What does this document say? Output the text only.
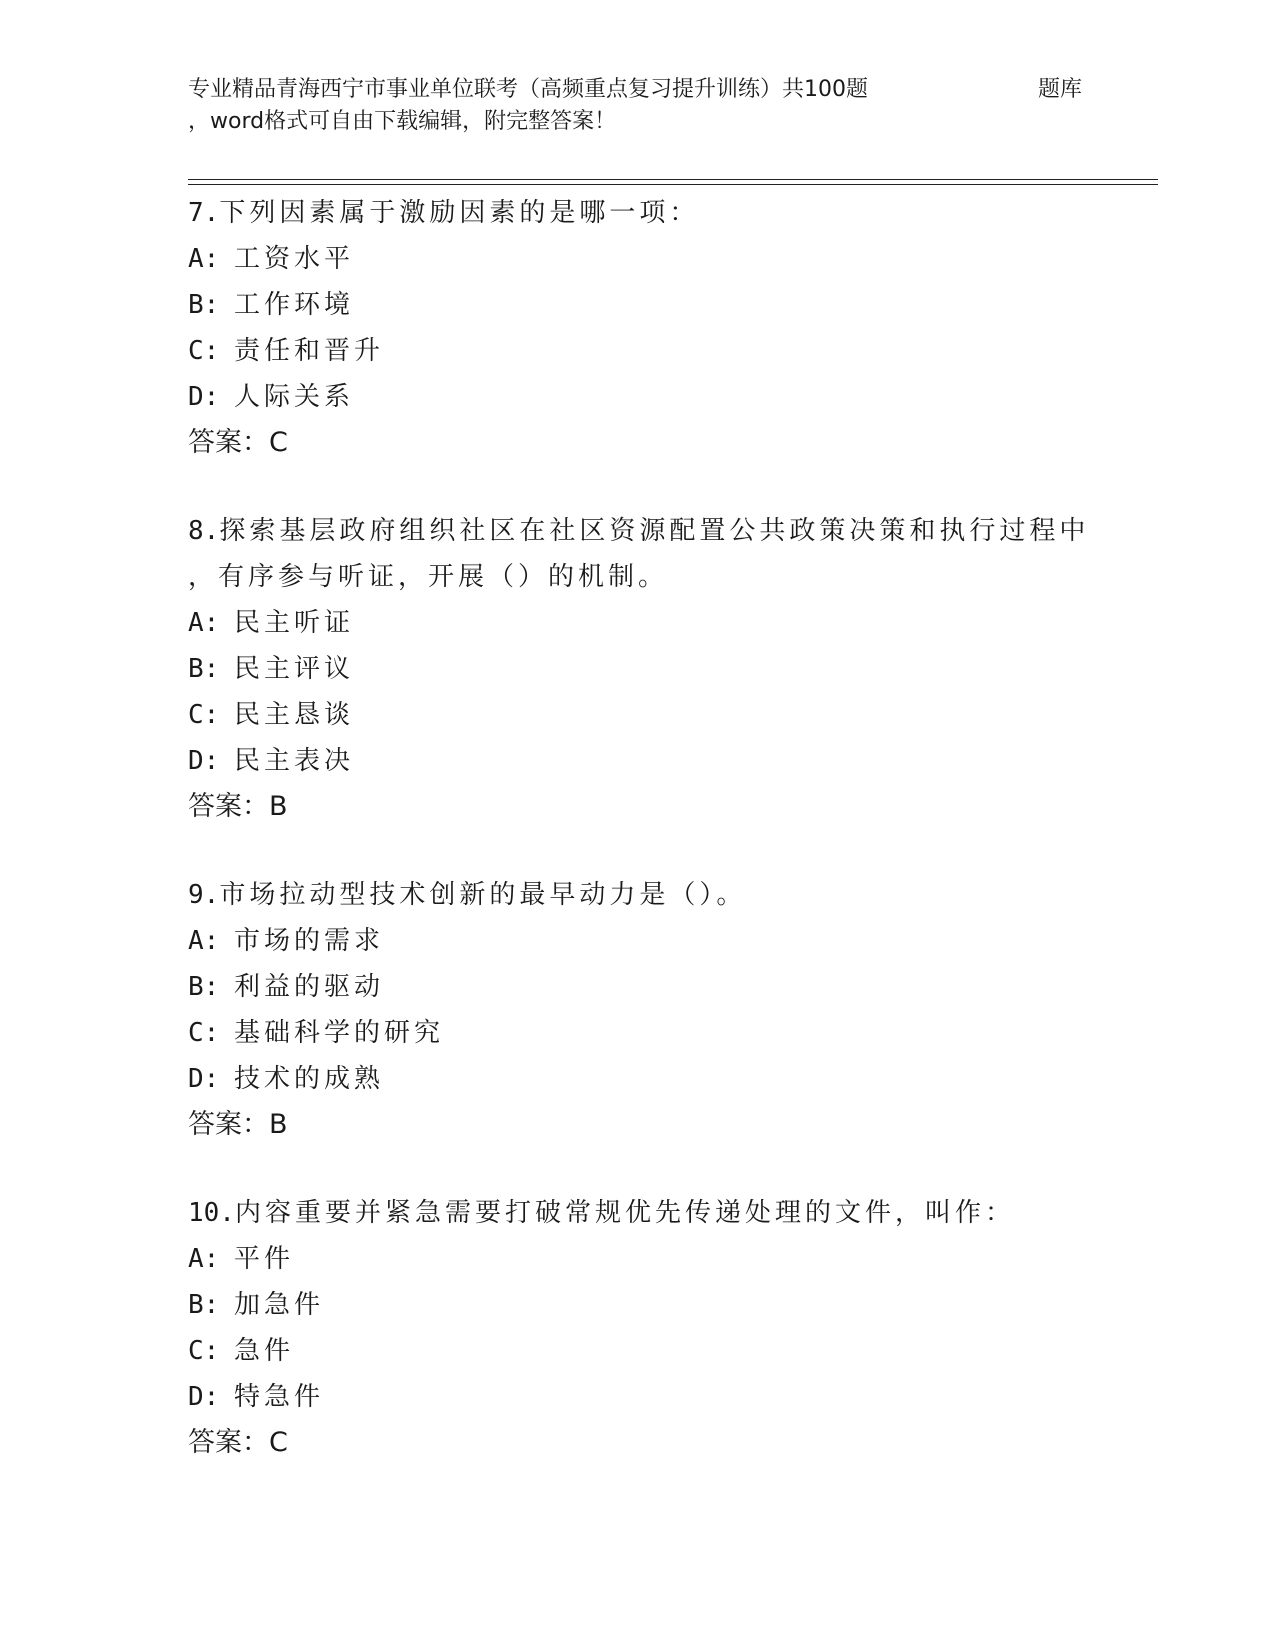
专业精品青海西宁市事业单位联考（高频重点复习提升训练）共100题	题库
，word格式可自由下载编辑，附完整答案！
7.下列因素属于激励因素的是哪一项：
A: 工资水平
B: 工作环境
C: 责任和晋升
D: 人际关系
答案：C
8.探索基层政府组织社区在社区资源配置公共政策决策和执行过程中
，有序参与听证，开展（）的机制。
A: 民主听证
B: 民主评议
C: 民主恳谈
D: 民主表决
答案：B
9.市场拉动型技术创新的最早动力是（）。
A: 市场的需求
B: 利益的驱动
C: 基础科学的研究
D: 技术的成熟
答案：B
10.内容重要并紧急需要打破常规优先传递处理的文件，叫作：
A: 平件
B: 加急件
C: 急件
D: 特急件
答案：C
